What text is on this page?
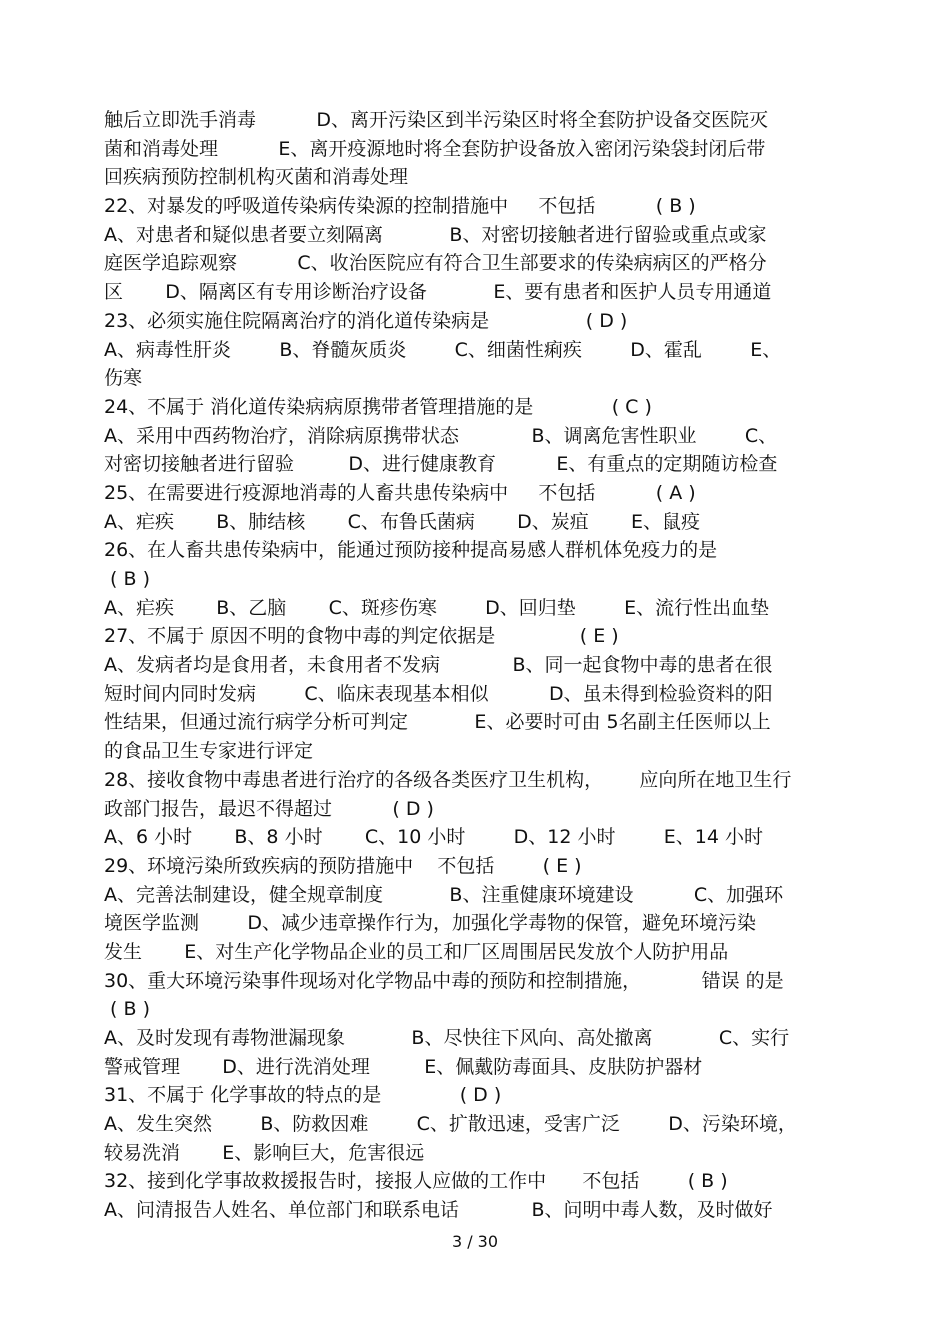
触后立即洗手消毒          D、离开污染区到半污染区时将全套防护设备交医院灭
菌和消毒处理          E、离开疫源地时将全套防护设备放入密闭污染袋封闭后带
回疾病预防控制机构灭菌和消毒处理
22、对暴发的呼吸道传染病传染源的控制措施中     不包括          ( B )
A、对患者和疑似患者要立刻隔离           B、对密切接触者进行留验或重点或家
庭医学追踪观察          C、收治医院应有符合卫生部要求的传染病病区的严格分
区       D、隔离区有专用诊断治疗设备           E、要有患者和医护人员专用通道
23、必须实施住院隔离治疗的消化道传染病是                ( D )
A、病毒性肝炎        B、脊髓灰质炎        C、细菌性痢疾        D、霍乱        E、
伤寒
24、不属于 消化道传染病病原携带者管理措施的是             ( C )
A、采用中西药物治疗，消除病原携带状态            B、调离危害性职业        C、
对密切接触者进行留验         D、进行健康教育          E、有重点的定期随访检查
25、在需要进行疫源地消毒的人畜共患传染病中     不包括          ( A )
A、疟疾       B、肺结核       C、布鲁氏菌病       D、炭疽       E、鼠疫
26、在人畜共患传染病中，能通过预防接种提高易感人群机体免疫力的是
( B )
A、疟疾       B、乙脑       C、斑疹伤寒        D、回归垫        E、流行性出血垫
27、不属于 原因不明的食物中毒的判定依据是              ( E )
A、发病者均是食用者，未食用者不发病            B、同一起食物中毒的患者在很
短时间内同时发病        C、临床表现基本相似          D、虽未得到检验资料的阳
性结果，但通过流行病学分析可判定           E、必要时可由 5名副主任医师以上
的食品卫生专家进行评定
28、接收食物中毒患者进行治疗的各级各类医疗卫生机构，      应向所在地卫生行
政部门报告，最迟不得超过          ( D )
A、6 小时       B、8 小时       C、10 小时        D、12 小时        E、14 小时
29、环境污染所致疾病的预防措施中    不包括        ( E )
A、完善法制建设，健全规章制度           B、注重健康环境建设          C、加强环
境医学监测        D、减少违章操作行为，加强化学毒物的保管，避免环境污染
发生       E、对生产化学物品企业的员工和厂区周围居民发放个人防护用品
30、重大环境污染事件现场对化学物品中毒的预防和控制措施，          错误 的是
( B )
A、及时发现有毒物泄漏现象           B、尽快往下风向、高处撤离           C、实行
警戒管理       D、进行洗消处理         E、佩戴防毒面具、皮肤防护器材
31、不属于 化学事故的特点的是             ( D )
A、发生突然        B、防救因难        C、扩散迅速，受害广泛        D、污染环境，
较易洗消       E、影响巨大，危害很远
32、接到化学事故救援报告时，接报人应做的工作中      不包括        ( B )
A、问清报告人姓名、单位部门和联系电话            B、问明中毒人数，及时做好
3 / 30
